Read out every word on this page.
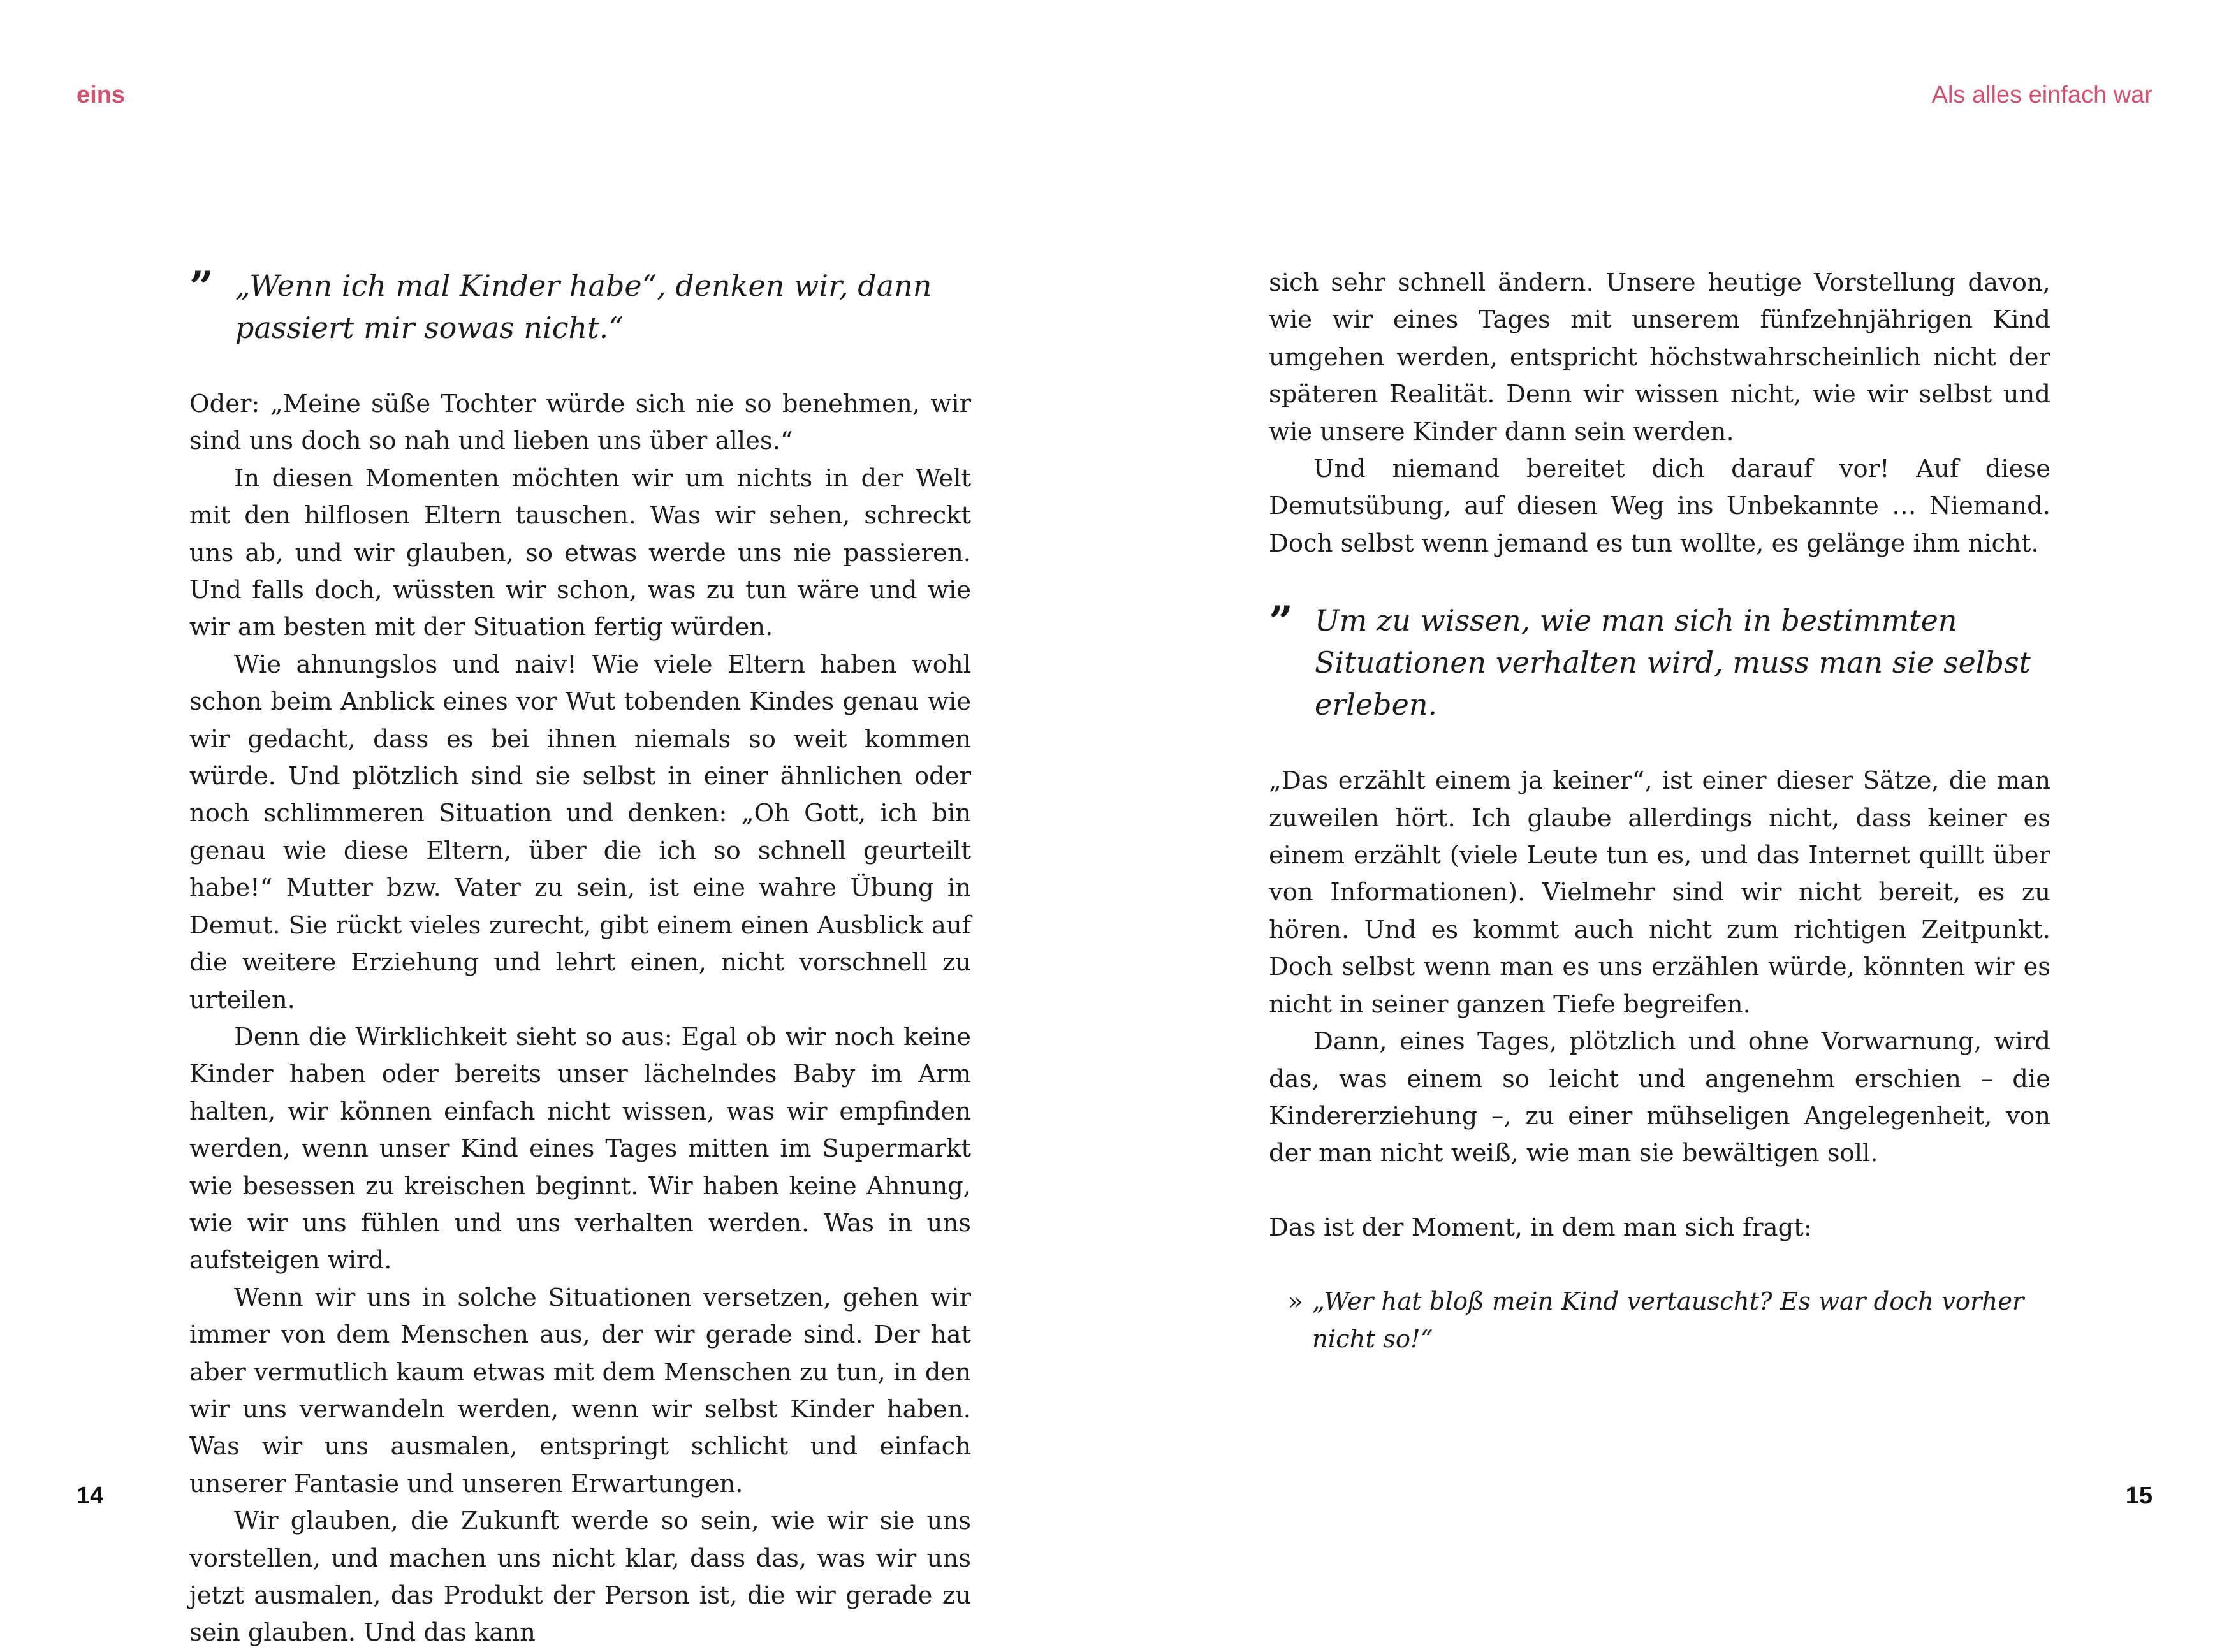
eins	Als alles einfach war
” „Wenn ich mal Kinder habe“, denken wir, dann passiert mir sowas nicht.“

Oder: „Meine süße Tochter würde sich nie so benehmen, wir sind uns doch so nah und lieben uns über alles.“

In diesen Momenten möchten wir um nichts in der Welt mit den hilflosen Eltern tauschen. Was wir sehen, schreckt uns ab, und wir glauben, so etwas werde uns nie passieren. Und falls doch, wüssten wir schon, was zu tun wäre und wie wir am besten mit der Situation fertig würden.

Wie ahnungslos und naiv! Wie viele Eltern haben wohl schon beim Anblick eines vor Wut tobenden Kindes genau wie wir gedacht, dass es bei ihnen niemals so weit kommen würde. Und plötzlich sind sie selbst in einer ähnlichen oder noch schlimmeren Situation und denken: „Oh Gott, ich bin genau wie diese Eltern, über die ich so schnell geurteilt habe!“ Mutter bzw. Vater zu sein, ist eine wahre Übung in Demut. Sie rückt vieles zurecht, gibt einem einen Ausblick auf die weitere Erziehung und lehrt einen, nicht vorschnell zu urteilen.

Denn die Wirklichkeit sieht so aus: Egal ob wir noch keine Kinder haben oder bereits unser lächelndes Baby im Arm halten, wir können einfach nicht wissen, was wir empfinden werden, wenn unser Kind eines Tages mitten im Supermarkt wie besessen zu kreischen beginnt. Wir haben keine Ahnung, wie wir uns fühlen und uns verhalten werden. Was in uns aufsteigen wird.

Wenn wir uns in solche Situationen versetzen, gehen wir immer von dem Menschen aus, der wir gerade sind. Der hat aber vermutlich kaum etwas mit dem Menschen zu tun, in den wir uns verwandeln werden, wenn wir selbst Kinder haben. Was wir uns ausmalen, entspringt schlicht und einfach unserer Fantasie und unseren Erwartungen.

Wir glauben, die Zukunft werde so sein, wie wir sie uns vorstellen, und machen uns nicht klar, dass das, was wir uns jetzt ausmalen, das Produkt der Person ist, die wir gerade zu sein glauben. Und das kann

sich sehr schnell ändern. Unsere heutige Vorstellung davon, wie wir eines Tages mit unserem fünfzehnjährigen Kind umgehen werden, entspricht höchstwahrscheinlich nicht der späteren Realität. Denn wir wissen nicht, wie wir selbst und wie unsere Kinder dann sein werden.

Und niemand bereitet dich darauf vor! Auf diese Demutsübung, auf diesen Weg ins Unbekannte … Niemand. Doch selbst wenn jemand es tun wollte, es gelänge ihm nicht.

” Um zu wissen, wie man sich in bestimmten Situationen verhalten wird, muss man sie selbst erleben.

„Das erzählt einem ja keiner“, ist einer dieser Sätze, die man zuweilen hört. Ich glaube allerdings nicht, dass keiner es einem erzählt (viele Leute tun es, und das Internet quillt über von Informationen). Vielmehr sind wir nicht bereit, es zu hören. Und es kommt auch nicht zum richtigen Zeitpunkt. Doch selbst wenn man es uns erzählen würde, könnten wir es nicht in seiner ganzen Tiefe begreifen.

Dann, eines Tages, plötzlich und ohne Vorwarnung, wird das, was einem so leicht und angenehm erschien – die Kindererziehung –, zu einer mühseligen Angelegenheit, von der man nicht weiß, wie man sie bewältigen soll.

Das ist der Moment, in dem man sich fragt:

» „Wer hat bloß mein Kind vertauscht? Es war doch vorher nicht so!“
14	15
